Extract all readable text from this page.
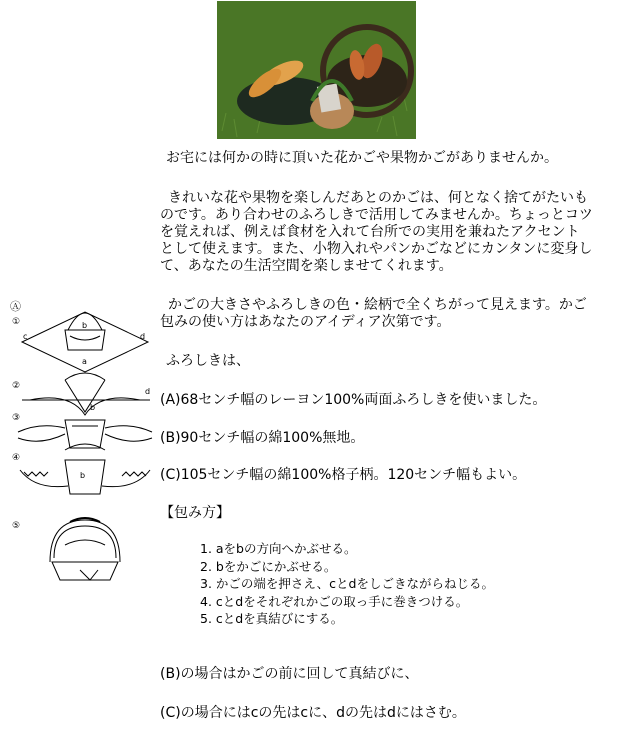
お宅には何かの時に頂いた花かごや果物かごがありませんか。
きれいな花や果物を楽しんだあとのかごは、何となく捨てがたいも
のです。あり合わせのふろしきで活用してみませんか。ちょっとコツ
を覚えれば、例えば食材を入れて台所での実用を兼ねたアクセント
として使えます。また、小物入れやパンかごなどにカンタンに変身し
て、あなたの生活空間を楽しませてくれます。
かごの大きさやふろしきの色・絵柄で全くちがって見えます。かご
包みの使い方はあなたのアイディア次第です。
ふろしきは、
(A)68センチ幅のレーヨン100%両面ふろしきを使いました。
(B)90センチ幅の綿100%無地。
(C)105センチ幅の綿100%格子柄。120センチ幅もよい。
【包み方】
1. aをbの方向へかぶせる。
2. bをかごにかぶせる。
3. かごの端を押さえ、cとdをしごきながらねじる。
4. cとdをそれぞれかごの取っ手に巻きつける。
5. cとdを真結びにする。
(B)の場合はかごの前に回して真結びに、
(C)の場合にはcの先はcに、dの先はdにはさむ。
Ⓐ
①
c	d
a
b
②
b
d
③
④
b
⑤
